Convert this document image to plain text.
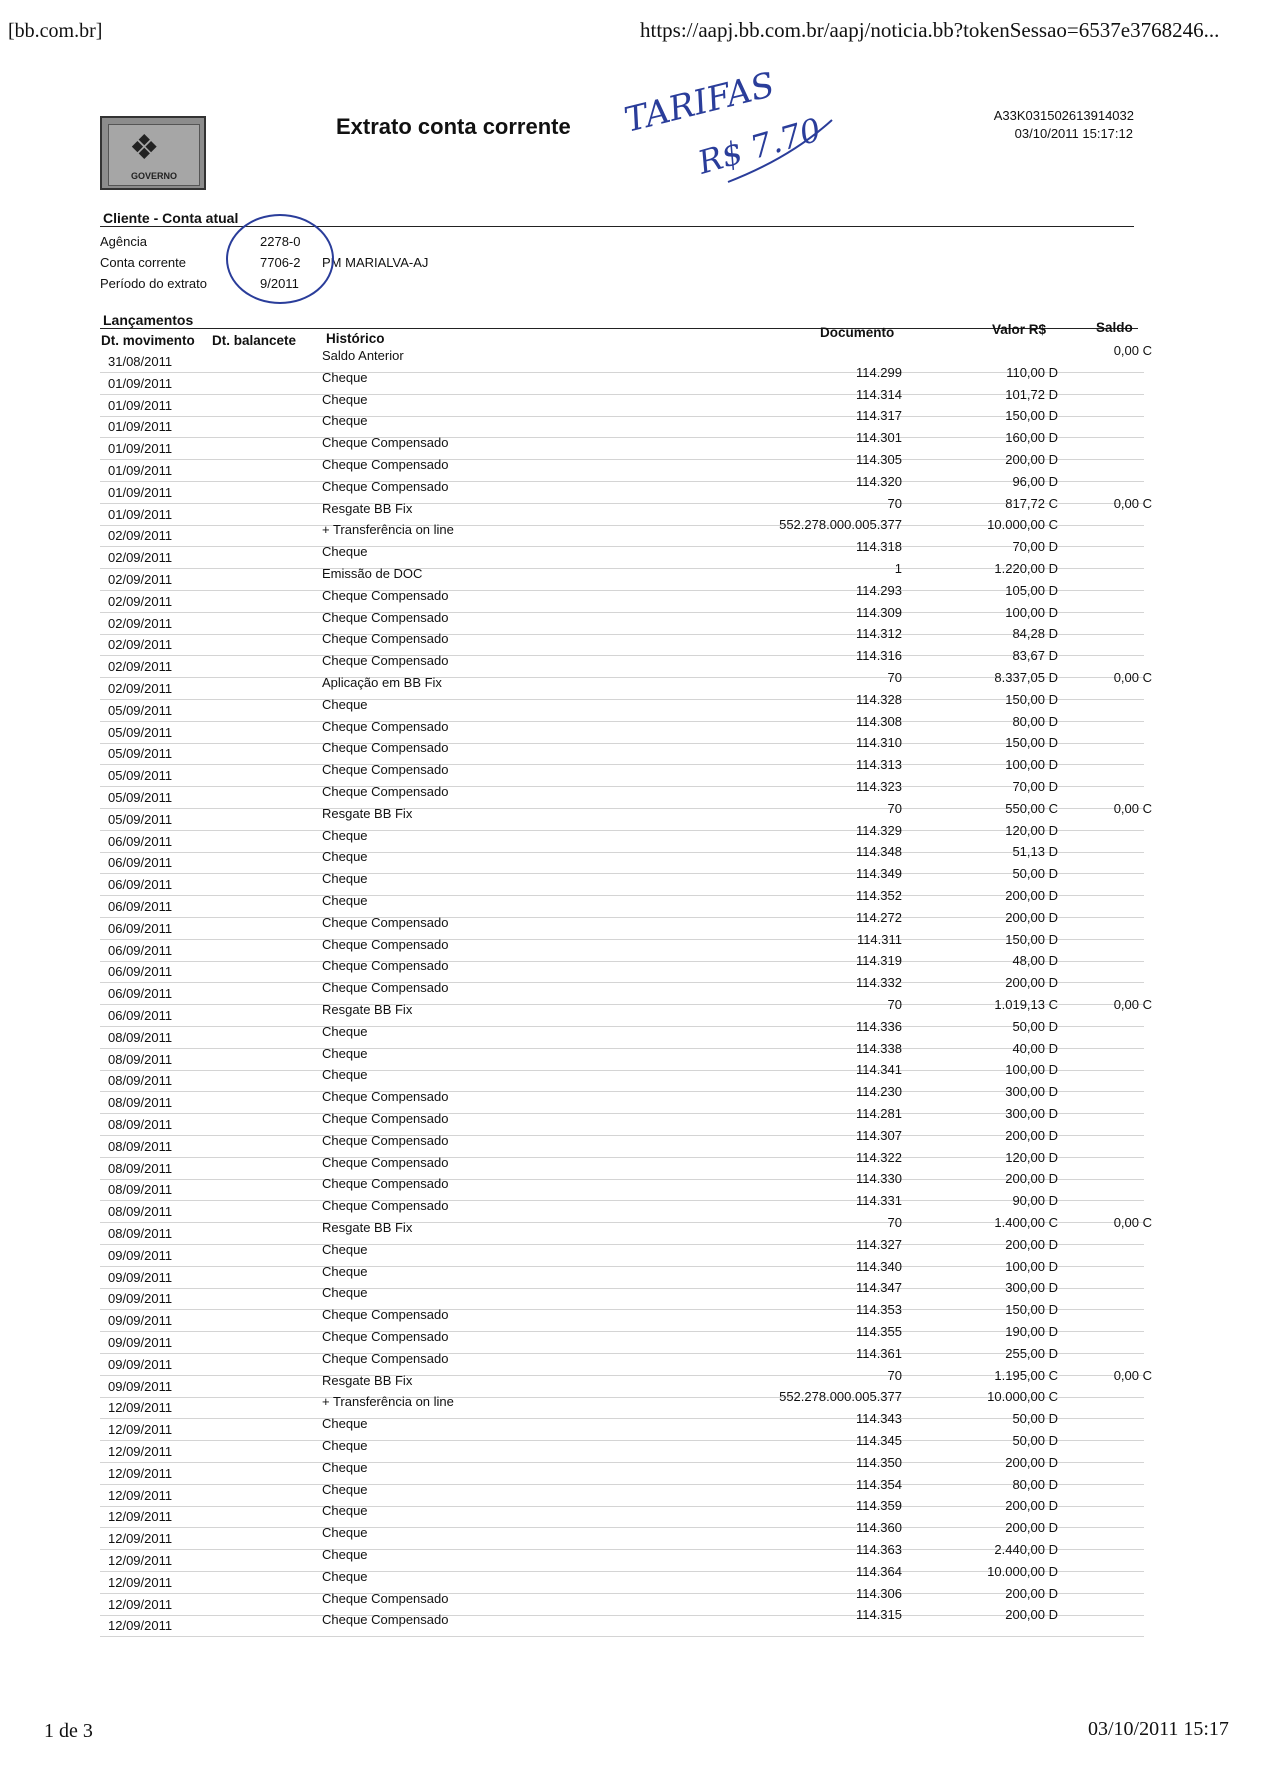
[bb.com.br]	https://aapj.bb.com.br/aapj/noticia.bb?tokenSessao=6537e3768246...
❖
GOVERNO
Extrato conta corrente	A33K031502613914032
03/10/2011 15:17:12
TARIFAS
R$ 7.70
Cliente - Conta atual
Agência	2278-0
Conta corrente	7706-2 PM MARIALVA-AJ
Período do extrato	9/2011
Lançamentos
Dt. movimento Dt. balancete Histórico	Documento	Valor R$	Saldo
31/08/2011	Saldo Anterior	0,00 C
01/09/2011	Cheque	114.299	110,00 D
01/09/2011	Cheque	114.314	101,72 D
01/09/2011	Cheque	114.317	150,00 D
01/09/2011	Cheque Compensado	114.301	160,00 D
01/09/2011	Cheque Compensado	114.305	200,00 D
01/09/2011	Cheque Compensado	114.320	96,00 D
01/09/2011	Resgate BB Fix	70	817,72 C	0,00 C
02/09/2011	+ Transferência on line	552.278.000.005.377	10.000,00 C
02/09/2011	Cheque	114.318	70,00 D
02/09/2011	Emissão de DOC	1	1.220,00 D
02/09/2011	Cheque Compensado	114.293	105,00 D
02/09/2011	Cheque Compensado	114.309	100,00 D
02/09/2011	Cheque Compensado	114.312	84,28 D
02/09/2011	Cheque Compensado	114.316	83,67 D
02/09/2011	Aplicação em BB Fix	70	8.337,05 D	0,00 C
05/09/2011	Cheque	114.328	150,00 D
05/09/2011	Cheque Compensado	114.308	80,00 D
05/09/2011	Cheque Compensado	114.310	150,00 D
05/09/2011	Cheque Compensado	114.313	100,00 D
05/09/2011	Cheque Compensado	114.323	70,00 D
05/09/2011	Resgate BB Fix	70	550,00 C	0,00 C
06/09/2011	Cheque	114.329	120,00 D
06/09/2011	Cheque	114.348	51,13 D
06/09/2011	Cheque	114.349	50,00 D
06/09/2011	Cheque	114.352	200,00 D
06/09/2011	Cheque Compensado	114.272	200,00 D
06/09/2011	Cheque Compensado	114.311	150,00 D
06/09/2011	Cheque Compensado	114.319	48,00 D
06/09/2011	Cheque Compensado	114.332	200,00 D
06/09/2011	Resgate BB Fix	70	1.019,13 C	0,00 C
08/09/2011	Cheque	114.336	50,00 D
08/09/2011	Cheque	114.338	40,00 D
08/09/2011	Cheque	114.341	100,00 D
08/09/2011	Cheque Compensado	114.230	300,00 D
08/09/2011	Cheque Compensado	114.281	300,00 D
08/09/2011	Cheque Compensado	114.307	200,00 D
08/09/2011	Cheque Compensado	114.322	120,00 D
08/09/2011	Cheque Compensado	114.330	200,00 D
08/09/2011	Cheque Compensado	114.331	90,00 D
08/09/2011	Resgate BB Fix	70	1.400,00 C	0,00 C
09/09/2011	Cheque	114.327	200,00 D
09/09/2011	Cheque	114.340	100,00 D
09/09/2011	Cheque	114.347	300,00 D
09/09/2011	Cheque Compensado	114.353	150,00 D
09/09/2011	Cheque Compensado	114.355	190,00 D
09/09/2011	Cheque Compensado	114.361	255,00 D
09/09/2011	Resgate BB Fix	70	1.195,00 C	0,00 C
12/09/2011	+ Transferência on line	552.278.000.005.377	10.000,00 C
12/09/2011	Cheque	114.343	50,00 D
12/09/2011	Cheque	114.345	50,00 D
12/09/2011	Cheque	114.350	200,00 D
12/09/2011	Cheque	114.354	80,00 D
12/09/2011	Cheque	114.359	200,00 D
12/09/2011	Cheque	114.360	200,00 D
12/09/2011	Cheque	114.363	2.440,00 D
12/09/2011	Cheque	114.364	10.000,00 D
12/09/2011	Cheque Compensado	114.306	200,00 D
12/09/2011	Cheque Compensado	114.315	200,00 D
1 de 3	03/10/2011 15:17
